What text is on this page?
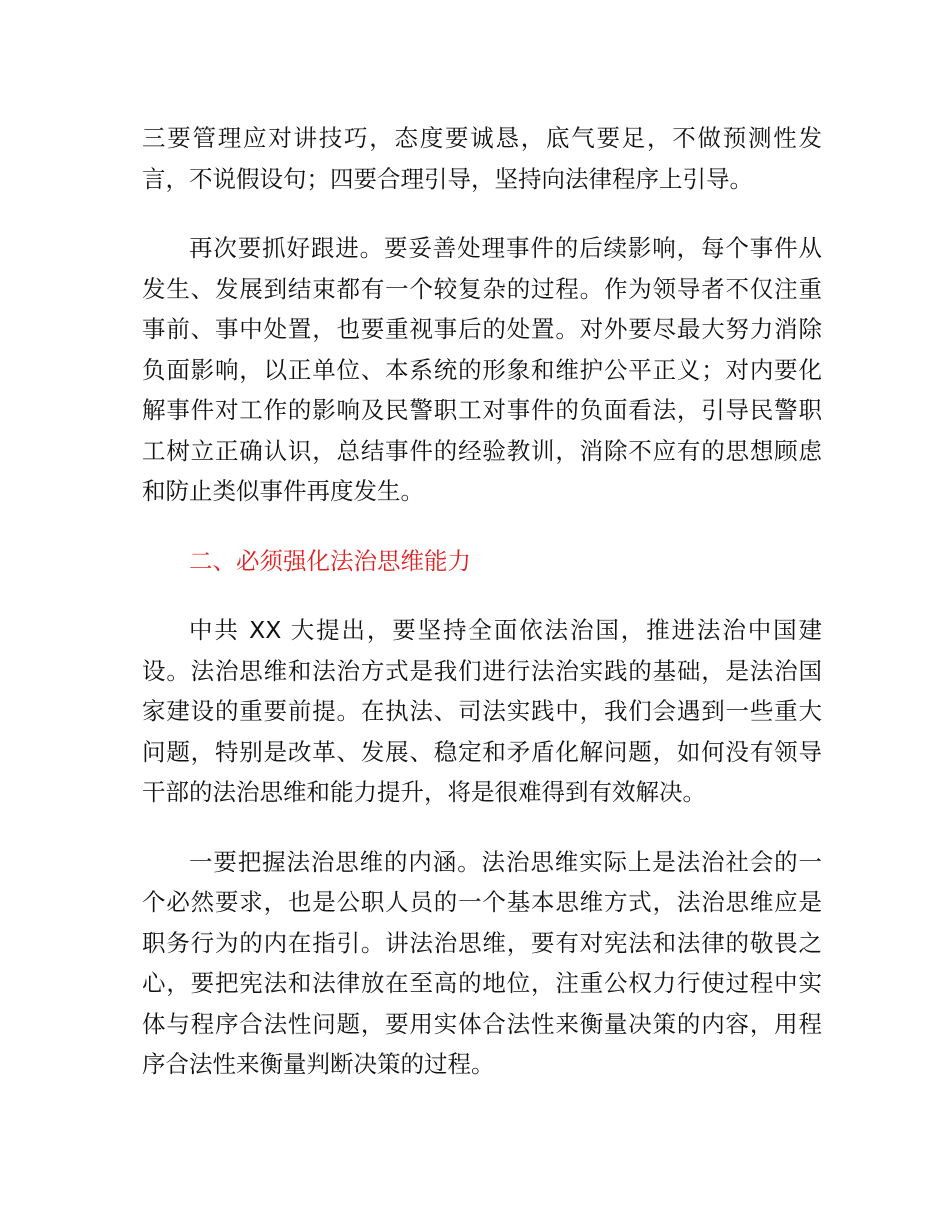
三要管理应对讲技巧，态度要诚恳，底气要足，不做预测性发言，不说假设句；四要合理引导，坚持向法律程序上引导。

再次要抓好跟进。要妥善处理事件的后续影响，每个事件从发生、发展到结束都有一个较复杂的过程。作为领导者不仅注重事前、事中处置，也要重视事后的处置。对外要尽最大努力消除负面影响，以正单位、本系统的形象和维护公平正义；对内要化解事件对工作的影响及民警职工对事件的负面看法，引导民警职工树立正确认识，总结事件的经验教训，消除不应有的思想顾虑和防止类似事件再度发生。

二、必须强化法治思维能力

中共 XX 大提出，要坚持全面依法治国，推进法治中国建设。法治思维和法治方式是我们进行法治实践的基础，是法治国家建设的重要前提。在执法、司法实践中，我们会遇到一些重大问题，特别是改革、发展、稳定和矛盾化解问题，如何没有领导干部的法治思维和能力提升，将是很难得到有效解决。

一要把握法治思维的内涵。法治思维实际上是法治社会的一个必然要求，也是公职人员的一个基本思维方式，法治思维应是职务行为的内在指引。讲法治思维，要有对宪法和法律的敬畏之心，要把宪法和法律放在至高的地位，注重公权力行使过程中实体与程序合法性问题，要用实体合法性来衡量决策的内容，用程序合法性来衡量判断决策的过程。
